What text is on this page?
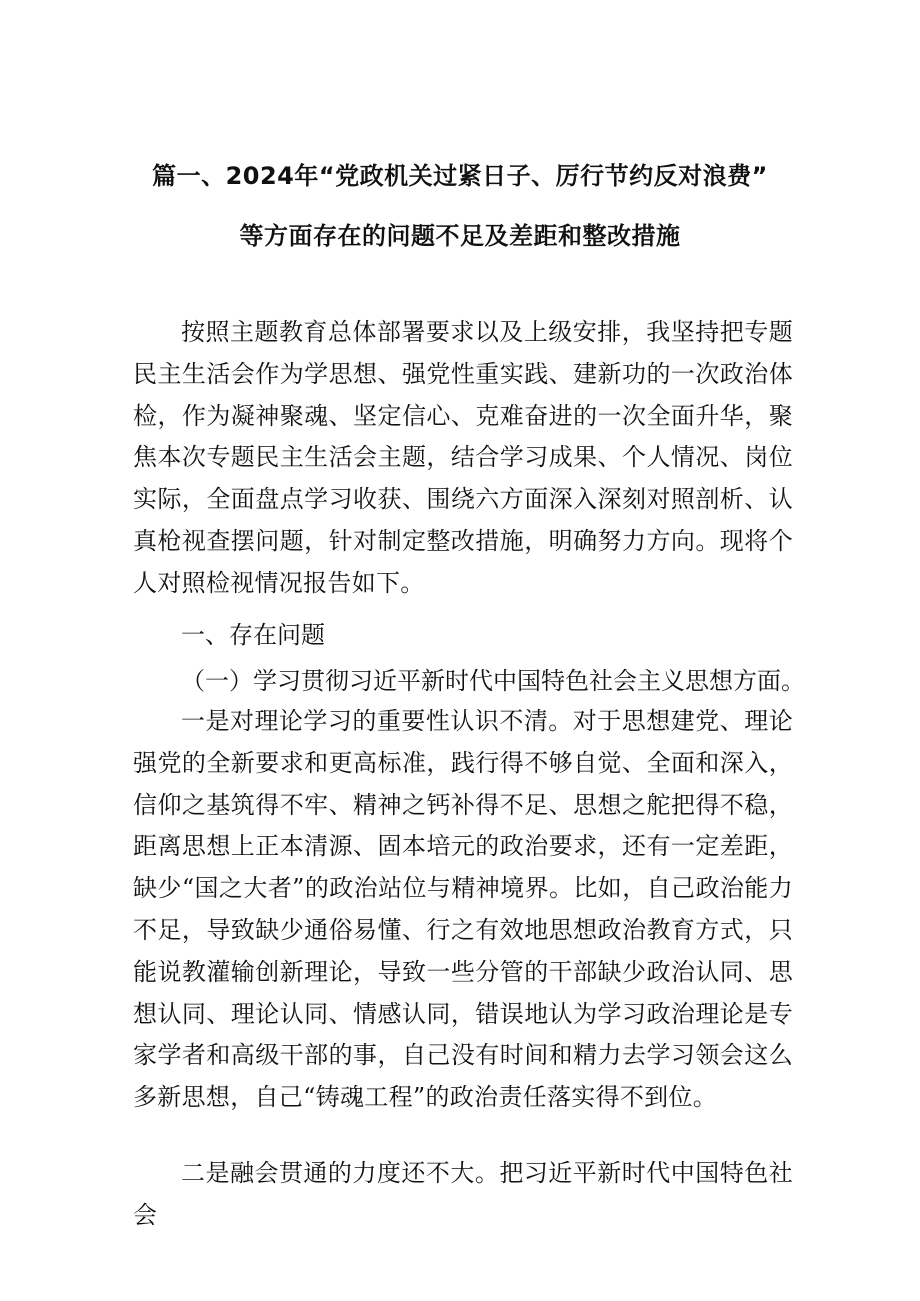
篇一、2024年“党政机关过紧日子、厉行节约反对浪费”
等方面存在的问题不足及差距和整改措施

按照主题教育总体部署要求以及上级安排，我坚持把专题民主生活会作为学思想、强党性重实践、建新功的一次政治体检，作为凝神聚魂、坚定信心、克难奋进的一次全面升华，聚焦本次专题民主生活会主题，结合学习成果、个人情况、岗位实际，全面盘点学习收获、围绕六方面深入深刻对照剖析、认真枪视查摆问题，针对制定整改措施，明确努力方向。现将个人对照检视情况报告如下。

一、存在问题
（一）学习贯彻习近平新时代中国特色社会主义思想方面。

一是对理论学习的重要性认识不清。对于思想建党、理论强党的全新要求和更高标准，践行得不够自觉、全面和深入，信仰之基筑得不牢、精神之钙补得不足、思想之舵把得不稳，距离思想上正本清源、固本培元的政治要求，还有一定差距，缺少“国之大者”的政治站位与精神境界。比如，自己政治能力不足，导致缺少通俗易懂、行之有效地思想政治教育方式，只能说教灌输创新理论，导致一些分管的干部缺少政治认同、思想认同、理论认同、情感认同，错误地认为学习政治理论是专家学者和高级干部的事，自己没有时间和精力去学习领会这么多新思想，自己“铸魂工程”的政治责任落实得不到位。

二是融会贯通的力度还不大。把习近平新时代中国特色社会
